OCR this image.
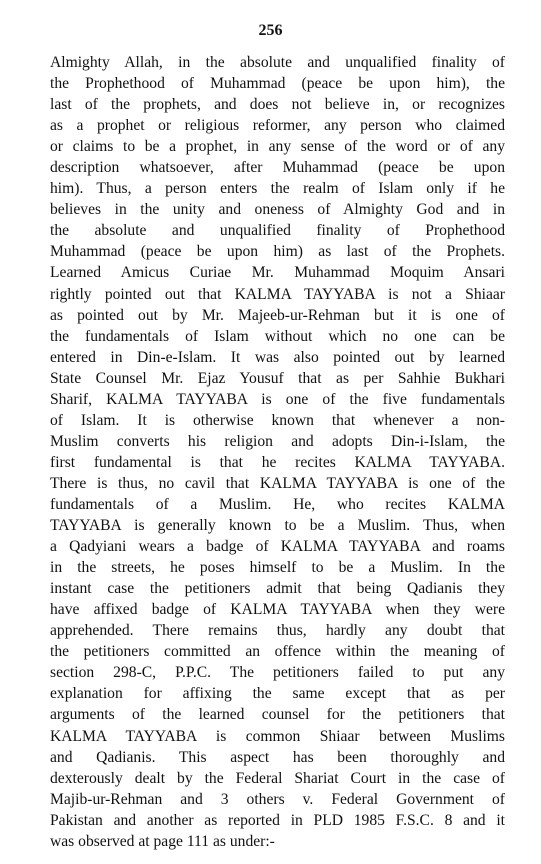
256
Almighty Allah, in the absolute and unqualified finality of
the Prophethood of Muhammad (peace be upon him), the
last of the prophets, and does not believe in, or recognizes
as a prophet or religious reformer, any person who claimed
or claims to be a prophet, in any sense of the word or of any
description whatsoever, after Muhammad (peace be upon
him). Thus, a person enters the realm of Islam only if he
believes in the unity and oneness of Almighty God and in
the absolute and unqualified finality of Prophethood
Muhammad (peace be upon him) as last of the Prophets.
Learned Amicus Curiae Mr. Muhammad Moquim Ansari
rightly pointed out that KALMA TAYYABA is not a Shiaar
as pointed out by Mr. Majeeb-ur-Rehman but it is one of
the fundamentals of Islam without which no one can be
entered in Din-e-Islam. It was also pointed out by learned
State Counsel Mr. Ejaz Yousuf that as per Sahhie Bukhari
Sharif, KALMA TAYYABA is one of the five fundamentals
of Islam. It is otherwise known that whenever a non-
Muslim converts his religion and adopts Din-i-Islam, the
first fundamental is that he recites KALMA TAYYABA.
There is thus, no cavil that KALMA TAYYABA is one of the
fundamentals of a Muslim. He, who recites KALMA
TAYYABA is generally known to be a Muslim. Thus, when
a Qadyiani wears a badge of KALMA TAYYABA and roams
in the streets, he poses himself to be a Muslim. In the
instant case the petitioners admit that being Qadianis they
have affixed badge of KALMA TAYYABA when they were
apprehended. There remains thus, hardly any doubt that
the petitioners committed an offence within the meaning of
section 298-C, P.P.C. The petitioners failed to put any
explanation for affixing the same except that as per
arguments of the learned counsel for the petitioners that
KALMA TAYYABA is common Shiaar between Muslims
and Qadianis. This aspect has been thoroughly and
dexterously dealt by the Federal Shariat Court in the case of
Majib-ur-Rehman and 3 others v. Federal Government of
Pakistan and another as reported in PLD 1985 F.S.C. 8 and it
was observed at page 111 as under:-
